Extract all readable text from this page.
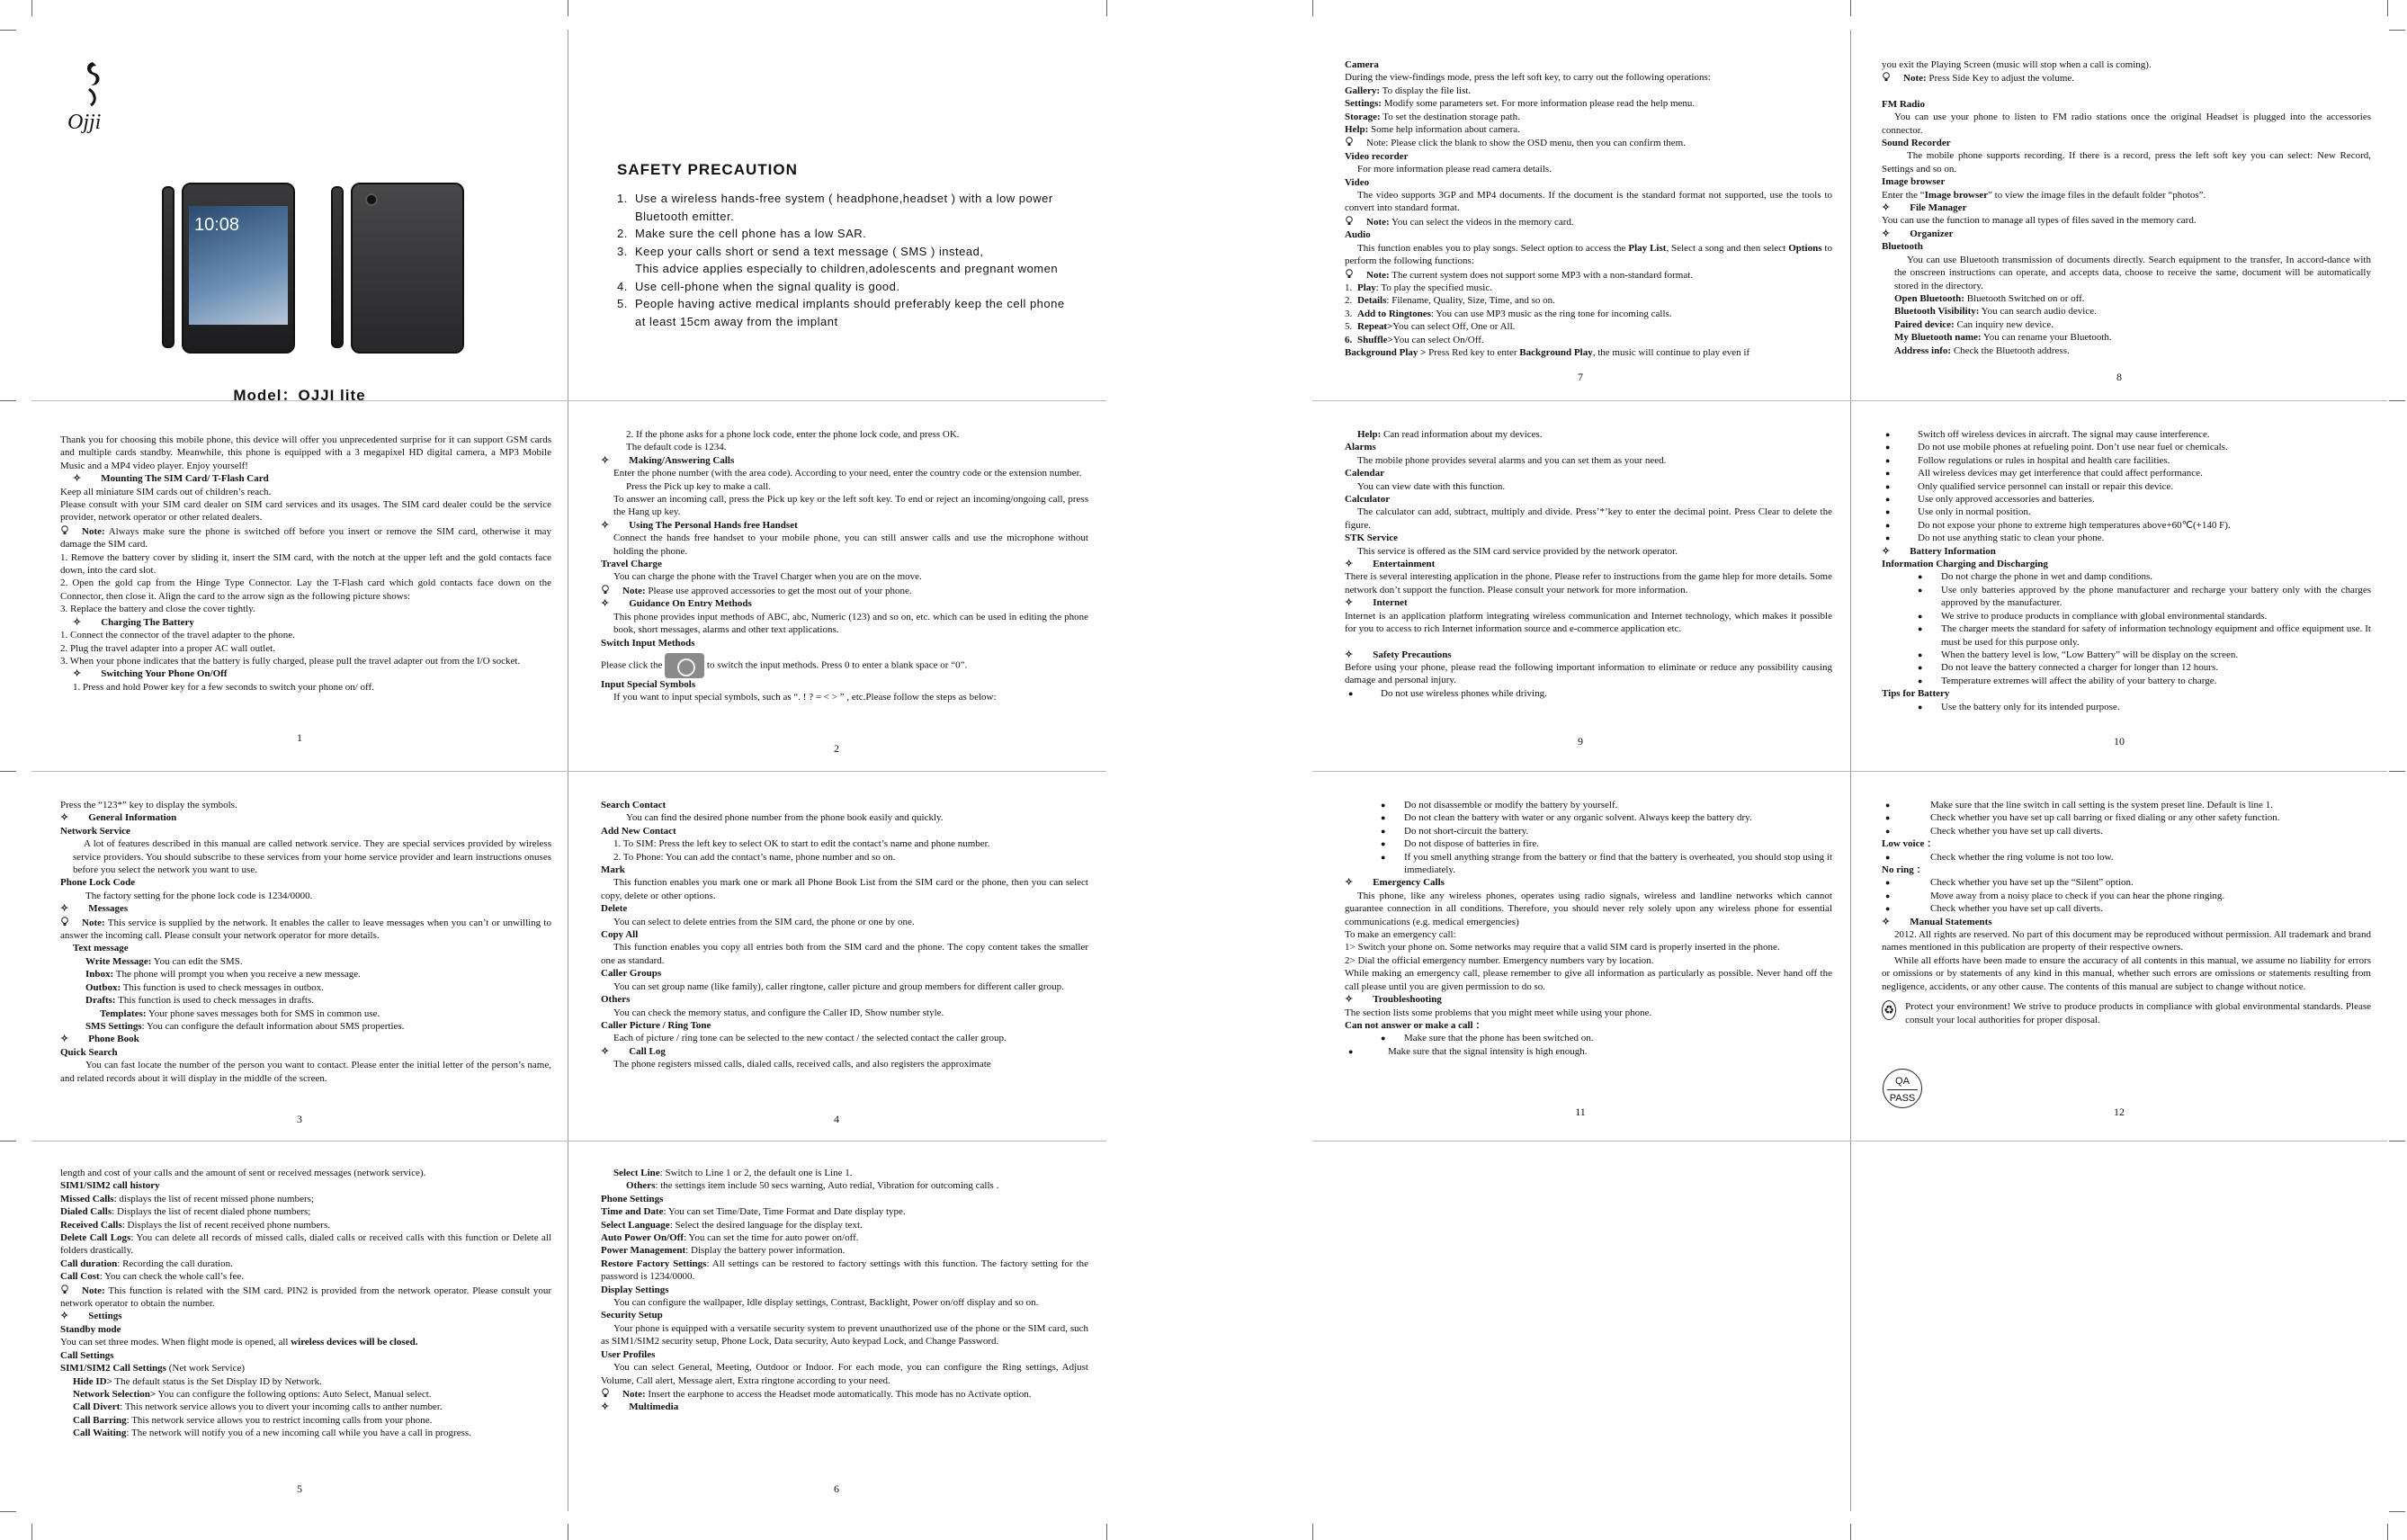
Ojji
10:08
Model：OJJI lite
SAFETY PRECAUTION
1. Use a wireless hands-free system ( headphone,headset ) with a low power
Bluetooth emitter.
2. Make sure the cell phone has a low SAR.
3. Keep your calls short or send a text message ( SMS ) instead,
This advice applies especially to children,adolescents and pregnant women
4. Use cell-phone when the signal quality is good.
5. People having active medical implants should preferably keep the cell phone
at least 15cm away from the implant
Thank you for choosing this mobile phone, this device will offer you unprecedented surprise for it can support GSM cards and multiple cards standby. Meanwhile, this phone is equipped with a 3 megapixel HD digital camera, a MP3 Mobile Music and a MP4 video player. Enjoy yourself!
✧ Mounting The SIM Card/ T-Flash Card
Keep all miniature SIM cards out of children’s reach.
Please consult with your SIM card dealer on SIM card services and its usages. The SIM card dealer could be the service provider, network operator or other related dealers.
Note: Always make sure the phone is switched off before you insert or remove the SIM card, otherwise it may damage the SIM card.
1. Remove the battery cover by sliding it, insert the SIM card, with the notch at the upper left and the gold contacts face down, into the card slot.
2. Open the gold cap from the Hinge Type Connector. Lay the T-Flash card which gold contacts face down on the Connector, then close it. Align the card to the arrow sign as the following picture shows:
3. Replace the battery and close the cover tightly.
✧ Charging The Battery
1. Connect the connector of the travel adapter to the phone.
2. Plug the travel adapter into a proper AC wall outlet.
3. When your phone indicates that the battery is fully charged, please pull the travel adapter out from the I/O socket.
✧ Switching Your Phone On/Off
1. Press and hold Power key for a few seconds to switch your phone on/ off.
1
2. If the phone asks for a phone lock code, enter the phone lock code, and press OK.
The default code is 1234.
✧ Making/Answering Calls
Enter the phone number (with the area code). According to your need, enter the country code or the extension number.
Press the Pick up key to make a call.
To answer an incoming call, press the Pick up key or the left soft key. To end or reject an incoming/ongoing call, press the Hang up key.
✧ Using The Personal Hands free Handset
Connect the hands free handset to your mobile phone, you can still answer calls and use the microphone without holding the phone.
Travel Charge
You can charge the phone with the Travel Charger when you are on the move.
Note: Please use approved accessories to get the most out of your phone.
✧ Guidance On Entry Methods
This phone provides input methods of ABC, abc, Numeric (123) and so on, etc. which can be used in editing the phone book, short messages, alarms and other text applications.
Switch Input Methods
Please click the	to switch the input methods. Press 0 to enter a blank space or “0”.
Input Special Symbols
If you want to input special symbols, such as “. ! ? = < > ” , etc.Please follow the steps as below:
2
Press the “123*” key to display the symbols.
✧ General Information
Network Service
A lot of features described in this manual are called network service. They are special services provided by wireless service providers. You should subscribe to these services from your home service provider and learn instructions onuses before you select the network you want to use.
Phone Lock Code
The factory setting for the phone lock code is 1234/0000.
✧ Messages
Note: This service is supplied by the network. It enables the caller to leave messages when you can’t or unwilling to answer the incoming call. Please consult your network operator for more details.
Text message
Write Message: You can edit the SMS.
Inbox: The phone will prompt you when you receive a new message.
Outbox: This function is used to check messages in outbox.
Drafts: This function is used to check messages in drafts.
Templates: Your phone saves messages both for SMS in common use.
SMS Settings: You can configure the default information about SMS properties.
✧ Phone Book
Quick Search
You can fast locate the number of the person you want to contact. Please enter the initial letter of the person’s name, and related records about it will display in the middle of the screen.
3
Search Contact
You can find the desired phone number from the phone book easily and quickly.
Add New Contact
1. To SIM: Press the left key to select OK to start to edit the contact’s name and phone number.
2. To Phone: You can add the contact’s name, phone number and so on.
Mark
This function enables you mark one or mark all Phone Book List from the SIM card or the phone, then you can select copy, delete or other options.
Delete
You can select to delete entries from the SIM card, the phone or one by one.
Copy All
This function enables you copy all entries both from the SIM card and the phone. The copy content takes the smaller one as standard.
Caller Groups
You can set group name (like family), caller ringtone, caller picture and group members for different caller group.
Others
You can check the memory status, and configure the Caller ID, Show number style.
Caller Picture / Ring Tone
Each of picture / ring tone can be selected to the new contact / the selected contact the caller group.
✧ Call Log
The phone registers missed calls, dialed calls, received calls, and also registers the approximate
4
length and cost of your calls and the amount of sent or received messages (network service).
SIM1/SIM2 call history
Missed Calls: displays the list of recent missed phone numbers;
Dialed Calls: Displays the list of recent dialed phone numbers;
Received Calls: Displays the list of recent received phone numbers.
Delete Call Logs: You can delete all records of missed calls, dialed calls or received calls with this function or Delete all folders drastically.
Call duration: Recording the call duration.
Call Cost: You can check the whole call’s fee.
Note: This function is related with the SIM card. PIN2 is provided from the network operator. Please consult your network operator to obtain the number.
✧ Settings
Standby mode
You can set three modes. When flight mode is opened, all wireless devices will be closed.
Call Settings
SIM1/SIM2 Call Settings (Net work Service)
Hide ID> The default status is the Set Display ID by Network.
Network Selection> You can configure the following options: Auto Select, Manual select.
Call Divert: This network service allows you to divert your incoming calls to anther number.
Call Barring: This network service allows you to restrict incoming calls from your phone.
Call Waiting: The network will notify you of a new incoming call while you have a call in progress.
5
Select Line: Switch to Line 1 or 2, the default one is Line 1.
Others: the settings item include 50 secs warning, Auto redial, Vibration for outcoming calls .
Phone Settings
Time and Date: You can set Time/Date, Time Format and Date display type.
Select Language: Select the desired language for the display text.
Auto Power On/Off: You can set the time for auto power on/off.
Power Management: Display the battery power information.
Restore Factory Settings: All settings can be restored to factory settings with this function. The factory setting for the password is 1234/0000.
Display Settings
You can configure the wallpaper, Idle display settings, Contrast, Backlight, Power on/off display and so on.
Security Setup
Your phone is equipped with a versatile security system to prevent unauthorized use of the phone or the SIM card, such as SIM1/SIM2 security setup, Phone Lock, Data security, Auto keypad Lock, and Change Password.
User Profiles
You can select General, Meeting, Outdoor or Indoor. For each mode, you can configure the Ring settings, Adjust Volume, Call alert, Message alert, Extra ringtone according to your need.
Note: Insert the earphone to access the Headset mode automatically. This mode has no Activate option.
✧ Multimedia
6
Camera
During the view-findings mode, press the left soft key, to carry out the following operations:
Gallery: To display the file list.
Settings: Modify some parameters set. For more information please read the help menu.
Storage: To set the destination storage path.
Help: Some help information about camera.
Note: Please click the blank to show the OSD menu, then you can confirm them.
Video recorder
For more information please read camera details.
Video
The video supports 3GP and MP4 documents. If the document is the standard format not supported, use the tools to convert into standard format.
Note: You can select the videos in the memory card.
Audio
This function enables you to play songs. Select option to access the Play List, Select a song and then select Options to perform the following functions:
Note: The current system does not support some MP3 with a non-standard format.
1. Play: To play the specified music.
2. Details: Filename, Quality, Size, Time, and so on.
3. Add to Ringtones: You can use MP3 music as the ring tone for incoming calls.
5. Repeat>You can select Off, One or All.
6. Shuffle>You can select On/Off.
Background Play > Press Red key to enter Background Play, the music will continue to play even if
7
you exit the Playing Screen (music will stop when a call is coming).
Note: Press Side Key to adjust the volume.
FM Radio
You can use your phone to listen to FM radio stations once the original Headset is plugged into the accessories connector.
Sound Recorder
The mobile phone supports recording. If there is a record, press the left soft key you can select: New Record, Settings and so on.
Image browser
Enter the “Image browser” to view the image files in the default folder “photos”.
✧ File Manager
You can use the function to manage all types of files saved in the memory card.
✧ Organizer
Bluetooth
You can use Bluetooth transmission of documents directly. Search equipment to the transfer, In accord-dance with the onscreen instructions can operate, and accepts data, choose to receive the same, document will be automatically stored in the directory.
Open Bluetooth: Bluetooth Switched on or off.
Bluetooth Visibility: You can search audio device.
Paired device: Can inquiry new device.
My Bluetooth name: You can rename your Bluetooth.
Address info: Check the Bluetooth address.
8
Help: Can read information about my devices.
Alarms
The mobile phone provides several alarms and you can set them as your need.
Calendar
You can view date with this function.
Calculator
The calculator can add, subtract, multiply and divide. Press’*’key to enter the decimal point. Press Clear to delete the figure.
STK Service
This service is offered as the SIM card service provided by the network operator.
✧ Entertainment
There is several interesting application in the phone. Please refer to instructions from the game hlep for more details. Some network don’t support the function. Please consult your network for more information.
✧ Internet
Internet is an application platform integrating wireless communication and Internet technology, which makes it possible for you to access to rich Internet information source and e-commerce application etc.
✧ Safety Precautions
Before using your phone, please read the following important information to eliminate or reduce any possibility causing damage and personal injury.
● Do not use wireless phones while driving.
9
● Switch off wireless devices in aircraft. The signal may cause interference.
● Do not use mobile phones at refueling point. Don’t use near fuel or chemicals.
● Follow regulations or rules in hospital and health care facilities.
● All wireless devices may get interference that could affect performance.
● Only qualified service personnel can install or repair this device.
● Use only approved accessories and batteries.
● Use only in normal position.
● Do not expose your phone to extreme high temperatures above+60℃(+140 F).
● Do not use anything static to clean your phone.
✧ Battery Information
Information Charging and Discharging
● Do not charge the phone in wet and damp conditions.
● Use only batteries approved by the phone manufacturer and recharge your battery only with the charges approved by the manufacturer.
● We strive to produce products in compliance with global environmental standards.
● The charger meets the standard for safety of information technology equipment and office equipment use. It must be used for this purpose only.
● When the battery level is low, “Low Battery” will be display on the screen.
● Do not leave the battery connected a charger for longer than 12 hours.
● Temperature extremes will affect the ability of your battery to charge.
Tips for Battery
● Use the battery only for its intended purpose.
10
● Do not disassemble or modify the battery by yourself.
● Do not clean the battery with water or any organic solvent. Always keep the battery dry.
● Do not short-circuit the battery.
● Do not dispose of batteries in fire.
● If you smell anything strange from the battery or find that the battery is overheated, you should stop using it immediately.
✧ Emergency Calls
This phone, like any wireless phones, operates using radio signals, wireless and landline networks which cannot guarantee connection in all conditions. Therefore, you should never rely solely upon any wireless phone for essential communications (e.g. medical emergencies)
To make an emergency call:
1> Switch your phone on. Some networks may require that a valid SIM card is properly inserted in the phone.
2> Dial the official emergency number. Emergency numbers vary by location.
While making an emergency call, please remember to give all information as particularly as possible. Never hand off the call please until you are given permission to do so.
✧ Troubleshooting
The section lists some problems that you might meet while using your phone.
Can not answer or make a call ：
● Make sure that the phone has been switched on.
● Make sure that the signal intensity is high enough.
11
● Make sure that the line switch in call setting is the system preset line. Default is line 1.
● Check whether you have set up call barring or fixed dialing or any other safety function.
● Check whether you have set up call diverts.
Low voice ：
● Check whether the ring volume is not too low.
No ring ：
● Check whether you have set up the “Silent” option.
● Move away from a noisy place to check if you can hear the phone ringing.
● Check whether you have set up call diverts.
✧ Manual Statements
2012. All rights are reserved. No part of this document may be reproduced without permission. All trademark and brand names mentioned in this publication are property of their respective owners.
While all efforts have been made to ensure the accuracy of all contents in this manual, we assume no liability for errors or omissions or by statements of any kind in this manual, whether such errors are omissions or statements resulting from negligence, accidents, or any other cause. The contents of this manual are subject to change without notice.
♻ Protect your environment! We strive to produce products in compliance with global environmental standards. Please consult your local authorities for proper disposal.
QA
PASS
12
